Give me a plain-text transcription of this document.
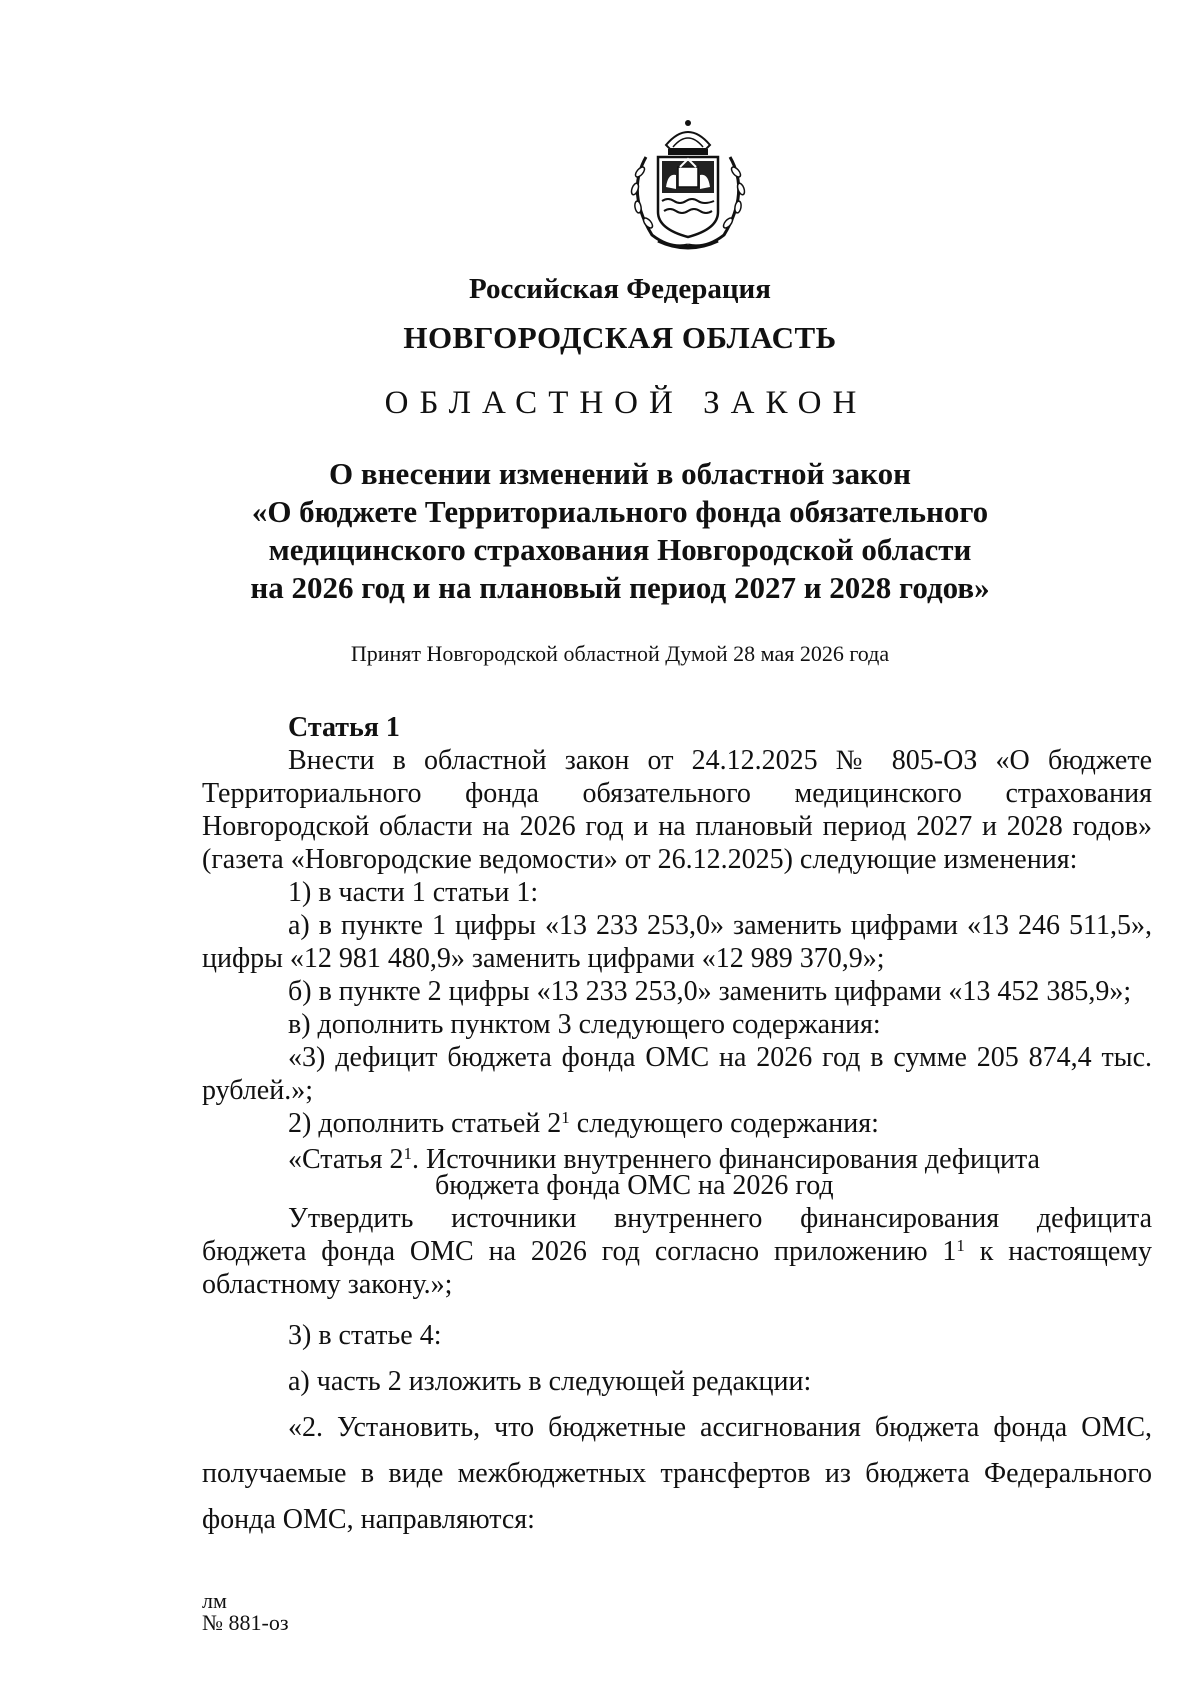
Российская Федерация
НОВГОРОДСКАЯ ОБЛАСТЬ
ОБЛАСТНОЙ ЗАКОН
О внесении изменений в областной закон
«О бюджете Территориального фонда обязательного
медицинского страхования Новгородской области
на 2026 год и на плановый период 2027 и 2028 годов»
Принят Новгородской областной Думой 28 мая 2026 года

Статья 1

Внести в областной закон от 24.12.2025 № 805-ОЗ «О бюджете

Территориального фонда обязательного медицинского страхования

Новгородской области на 2026 год и на плановый период 2027 и 2028 годов»

(газета «Новгородские ведомости» от 26.12.2025) следующие изменения:

1) в части 1 статьи 1:

а) в пункте 1 цифры «13 233 253,0» заменить цифрами «13 246 511,5»,

цифры «12 981 480,9» заменить цифрами «12 989 370,9»;

б) в пункте 2 цифры «13 233 253,0» заменить цифрами «13 452 385,9»;

в) дополнить пунктом 3 следующего содержания:

«3) дефицит бюджета фонда ОМС на 2026 год в сумме 205 874,4 тыс.

рублей.»;

2) дополнить статьей $2^1$ следующего содержания:

«Статья $2^1$. Источники внутреннего финансирования дефицита
бюджета фонда ОМС на 2026 год

Утвердить источники внутреннего финансирования дефицита

бюджета фонда ОМС на 2026 год согласно приложению $1^1$ к настоящему

областному закону.»;

3) в статье 4:

а) часть 2 изложить в следующей редакции:

«2. Установить, что бюджетные ассигнования бюджета фонда ОМС,

получаемые в виде межбюджетных трансфертов из бюджета Федерального

фонда ОМС, направляются:

лм
№ 881-оз
